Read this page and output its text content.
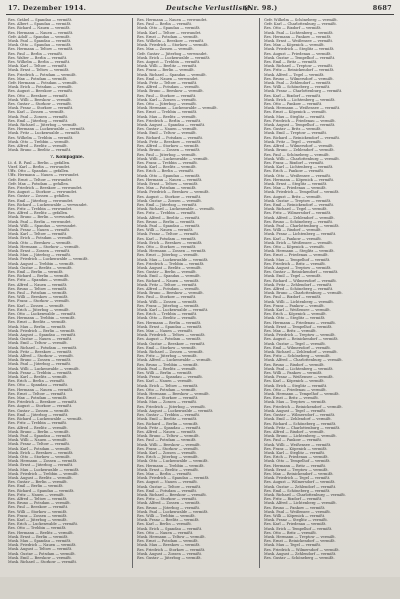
17. Dezember 1914.	Deutsche Verlustliste.
(Nr. 98.)	8687
Res. Gräbel — Spandau — vermißt.
Res. Albert — Spandau — vermißt.
Res. Richard — Nauen — vermißt.
Res. Hermann — Nauen — vermißt.
Gefr. Adolf — Spandau — vermißt.
Musk. Paul — Spandau — vermißt.
Musk. Otto — Spandau — vermißt.
Res. Hermann — Teltow — vermißt.
Res. Paul — Berlin — vermißt.
Res. Walter — Berlin — vermißt.
Res. Wilhelm — Berlin — vermißt.
Musk. Karl — Teltow — vermißt.
Musk. Ernst — Teltow — vermißt.
Res. Friedrich — Potsdam — vermißt.
Res. Max — Potsdam — vermißt.
Gefr. Hermann — Potsdam — vermißt.
Musk. Erich — Potsdam — vermißt.
Res. August — Beeskow — vermißt.
Res. Otto — Beeskow — vermißt.
Musk. Willi — Beeskow — vermißt.
Res. Gustav — Storkow — vermißt.
Musk. Franz — Storkow — vermißt.
Res. Karl — Zossen — vermißt.
Musk. Paul — Zossen — vermißt.
Res. Emil — Jüterbog — vermißt.
Musk. Richard — Jüterbog — vermißt.
Res. Hermann — Luckenwalde — vermißt.
Musk. Fritz — Luckenwalde — vermißt.
Res. Wilhelm — Trebbin — vermißt.
Musk. Otto — Trebbin — vermißt.
Res. Alfred — Beelitz — vermißt.
Musk. Bruno — Beelitz — vermißt.
7. Kompagnie.
Lt. d. R. Paul — Berlin — gefallen.
Vizef. Karl — Berlin — verwundet.
Uffz. Otto — Spandau — gefallen.
Uffz. Hermann — Nauen — verwundet.
Gefr. Ernst — Teltow — verwundet.
Gefr. Max — Potsdam — gefallen.
Res. Friedrich — Beeskow — verwundet.
Res. August — Storkow — verwundet.
Res. Gustav — Zossen — gefallen.
Res. Emil — Jüterbog — verwundet.
Res. Richard — Luckenwalde — verwundet.
Res. Fritz — Trebbin — verwundet.
Res. Alfred — Beelitz — gefallen.
Musk. Bruno — Berlin — verwundet.
Musk. Paul — Berlin — verwundet.
Musk. Willi — Spandau — verwundet.
Musk. Franz — Nauen — vermißt.
Musk. Karl — Teltow — vermißt.
Musk. Erich — Potsdam — vermißt.
Musk. Otto — Beeskow — vermißt.
Musk. Hermann — Storkow — vermißt.
Musk. Ernst — Zossen — vermißt.
Musk. Max — Jüterbog — vermißt.
Musk. Friedrich — Luckenwalde — vermißt.
Musk. August — Trebbin — vermißt.
Musk. Gustav — Beelitz — vermißt.
Res. Emil — Berlin — vermißt.
Res. Richard — Berlin — vermißt.
Res. Fritz — Spandau — vermißt.
Res. Alfred — Nauen — vermißt.
Res. Bruno — Teltow — vermißt.
Res. Paul — Potsdam — vermißt.
Res. Willi — Beeskow — vermißt.
Res. Franz — Storkow — vermißt.
Res. Karl — Zossen — vermißt.
Res. Erich — Jüterbog — vermißt.
Res. Otto — Luckenwalde — vermißt.
Res. Hermann — Trebbin — vermißt.
Res. Ernst — Beelitz — vermißt.
Musk. Max — Berlin — vermißt.
Musk. Friedrich — Berlin — vermißt.
Musk. August — Spandau — vermißt.
Musk. Gustav — Nauen — vermißt.
Musk. Emil — Teltow — vermißt.
Musk. Richard — Potsdam — vermißt.
Musk. Fritz — Beeskow — vermißt.
Musk. Alfred — Storkow — vermißt.
Musk. Bruno — Zossen — vermißt.
Musk. Paul — Jüterbog — vermißt.
Musk. Willi — Luckenwalde — vermißt.
Musk. Franz — Trebbin — vermißt.
Musk. Karl — Beelitz — vermißt.
Res. Erich — Berlin — vermißt.
Res. Otto — Spandau — vermißt.
Res. Hermann — Nauen — vermißt.
Res. Ernst — Teltow — vermißt.
Res. Max — Potsdam — vermißt.
Res. Friedrich — Beeskow — vermißt.
Res. August — Storkow — vermißt.
Res. Gustav — Zossen — vermißt.
Res. Emil — Jüterbog — vermißt.
Res. Richard — Luckenwalde — vermißt.
Res. Fritz — Trebbin — vermißt.
Res. Alfred — Beelitz — vermißt.
Musk. Bruno — Berlin — vermißt.
Musk. Paul — Spandau — vermißt.
Musk. Willi — Nauen — vermißt.
Musk. Franz — Teltow — vermißt.
Musk. Karl — Potsdam — vermißt.
Musk. Erich — Beeskow — vermißt.
Musk. Otto — Storkow — vermißt.
Musk. Hermann — Zossen — vermißt.
Musk. Ernst — Jüterbog — vermißt.
Musk. Max — Luckenwalde — vermißt.
Musk. Friedrich — Trebbin — vermißt.
Musk. August — Beelitz — vermißt.
Res. Gustav — Berlin — vermißt.
Res. Emil — Berlin — vermißt.
Res. Richard — Spandau — vermißt.
Res. Fritz — Nauen — vermißt.
Res. Alfred — Teltow — vermißt.
Res. Bruno — Potsdam — vermißt.
Res. Paul — Beeskow — vermißt.
Res. Willi — Storkow — vermißt.
Res. Franz — Zossen — vermißt.
Res. Karl — Jüterbog — vermißt.
Res. Erich — Luckenwalde — vermißt.
Res. Otto — Trebbin — vermißt.
Res. Hermann — Beelitz — vermißt.
Musk. Ernst — Berlin — vermißt.
Musk. Max — Spandau — vermißt.
Musk. Friedrich — Nauen — vermißt.
Musk. August — Teltow — vermißt.
Musk. Gustav — Potsdam — vermißt.
Musk. Emil — Beeskow — vermißt.
Musk. Richard — Storkow — vermißt.
Res. Hermann — Nauen — verwundet.
Res. Paul — Berlin — vermißt.
Musk. Otto — Spandau — vermißt.
Musk. Karl — Teltow — verwundet.
Res. Ernst — Potsdam — vermißt.
Res. Wilhelm — Beeskow — vermißt.
Musk. Friedrich — Storkow — vermißt.
Res. Max — Zossen — vermißt.
Gefr. Gustav — Jüterbog — verwundet.
Musk. Erich — Luckenwalde — vermißt.
Res. August — Trebbin — vermißt.
Musk. Willi — Beelitz — vermißt.
Res. Franz — Berlin — vermißt.
Musk. Richard — Spandau — vermißt.
Res. Emil — Nauen — verwundet.
Musk. Fritz — Teltow — vermißt.
Res. Alfred — Potsdam — vermißt.
Musk. Bruno — Beeskow — vermißt.
Res. Paul — Storkow — vermißt.
Musk. Karl — Zossen — vermißt.
Res. Otto — Jüterbog — vermißt.
Musk. Hermann — Luckenwalde — vermißt.
Res. Ernst — Trebbin — vermißt.
Musk. Max — Beelitz — vermißt.
Res. Friedrich — Berlin — vermißt.
Musk. August — Spandau — vermißt.
Res. Gustav — Nauen — vermißt.
Musk. Emil — Teltow — vermißt.
Res. Richard — Potsdam — vermißt.
Musk. Fritz — Beeskow — vermißt.
Res. Alfred — Storkow — vermißt.
Musk. Bruno — Zossen — vermißt.
Res. Paul — Jüterbog — vermißt.
Musk. Willi — Luckenwalde — vermißt.
Res. Franz — Trebbin — vermißt.
Musk. Karl — Beelitz — vermißt.
Res. Erich — Berlin — vermißt.
Musk. Otto — Spandau — vermißt.
Res. Hermann — Nauen — vermißt.
Musk. Ernst — Teltow — vermißt.
Res. Max — Potsdam — vermißt.
Musk. Friedrich — Beeskow — vermißt.
Res. August — Storkow — vermißt.
Musk. Gustav — Zossen — vermißt.
Res. Emil — Jüterbog — vermißt.
Musk. Richard — Luckenwalde — vermißt.
Res. Fritz — Trebbin — vermißt.
Musk. Alfred — Beelitz — vermißt.
Res. Bruno — Berlin — vermißt.
Musk. Paul — Spandau — vermißt.
Res. Willi — Nauen — vermißt.
Musk. Franz — Teltow — vermißt.
Res. Karl — Potsdam — vermißt.
Musk. Erich — Beeskow — vermißt.
Res. Otto — Storkow — vermißt.
Musk. Hermann — Zossen — vermißt.
Res. Ernst — Jüterbog — vermißt.
Musk. Max — Luckenwalde — vermißt.
Res. Friedrich — Trebbin — vermißt.
Musk. August — Beelitz — vermißt.
Res. Gustav — Berlin — vermißt.
Musk. Emil — Spandau — vermißt.
Res. Richard — Nauen — vermißt.
Musk. Fritz — Teltow — vermißt.
Res. Alfred — Potsdam — vermißt.
Musk. Bruno — Beeskow — vermißt.
Res. Paul — Storkow — vermißt.
Musk. Willi — Zossen — vermißt.
Res. Franz — Jüterbog — vermißt.
Musk. Karl — Luckenwalde — vermißt.
Res. Erich — Trebbin — vermißt.
Musk. Otto — Beelitz — vermißt.
Res. Hermann — Berlin — vermißt.
Musk. Ernst — Spandau — vermißt.
Res. Max — Nauen — vermißt.
Musk. Friedrich — Teltow — vermißt.
Res. August — Potsdam — vermißt.
Musk. Gustav — Beeskow — vermißt.
Res. Emil — Storkow — vermißt.
Musk. Richard — Zossen — vermißt.
Res. Fritz — Jüterbog — vermißt.
Musk. Alfred — Luckenwalde — vermißt.
Res. Bruno — Trebbin — vermißt.
Musk. Paul — Beelitz — vermißt.
Res. Willi — Berlin — vermißt.
Musk. Franz — Spandau — vermißt.
Res. Karl — Nauen — vermißt.
Musk. Erich — Teltow — vermißt.
Res. Otto — Potsdam — vermißt.
Musk. Hermann — Beeskow — vermißt.
Res. Ernst — Storkow — vermißt.
Musk. Max — Zossen — vermißt.
Res. Friedrich — Jüterbog — vermißt.
Musk. August — Luckenwalde — vermißt.
Res. Gustav — Trebbin — vermißt.
Musk. Emil — Beelitz — vermißt.
Res. Richard — Berlin — vermißt.
Musk. Fritz — Spandau — vermißt.
Res. Alfred — Nauen — vermißt.
Musk. Bruno — Teltow — vermißt.
Res. Paul — Potsdam — vermißt.
Musk. Willi — Beeskow — vermißt.
Res. Franz — Storkow — vermißt.
Musk. Karl — Zossen — vermißt.
Res. Erich — Jüterbog — vermißt.
Musk. Otto — Luckenwalde — vermißt.
Res. Hermann — Trebbin — vermißt.
Musk. Ernst — Beelitz — vermißt.
Res. Max — Berlin — vermißt.
Musk. Friedrich — Spandau — vermißt.
Res. August — Nauen — vermißt.
Musk. Gustav — Teltow — vermißt.
Res. Emil — Potsdam — vermißt.
Musk. Richard — Beeskow — vermißt.
Res. Fritz — Storkow — vermißt.
Musk. Alfred — Zossen — vermißt.
Res. Bruno — Jüterbog — vermißt.
Musk. Paul — Luckenwalde — vermißt.
Res. Willi — Trebbin — vermißt.
Musk. Franz — Beelitz — vermißt.
Res. Karl — Berlin — vermißt.
Musk. Erich — Spandau — vermißt.
Res. Otto — Nauen — vermißt.
Musk. Hermann — Teltow — vermißt.
Res. Ernst — Potsdam — vermißt.
Musk. Max — Beeskow — vermißt.
Res. Friedrich — Storkow — vermißt.
Musk. August — Zossen — vermißt.
Res. Gustav — Jüterbog — vermißt.
Gefr. Wilhelm — Schöneberg — vermißt.
Gefr. Karl — Charlottenburg — vermißt.
Res. Otto — Rixdorf — vermißt.
Musk. Paul — Lichtenberg — vermißt.
Res. Hermann — Pankow — vermißt.
Musk. Ernst — Weißensee — vermißt.
Res. Max — Köpenick — vermißt.
Musk. Friedrich — Steglitz — vermißt.
Res. August — Friedenau — vermißt.
Musk. Gustav — Tempelhof — vermißt.
Res. Emil — Britz — vermißt.
Musk. Richard — Treptow — vermißt.
Res. Fritz — Reinickendorf — vermißt.
Musk. Alfred — Tegel — vermißt.
Res. Bruno — Wilmersdorf — vermißt.
Musk. Paul — Zehlendorf — vermißt.
Res. Willi — Schöneberg — vermißt.
Musk. Franz — Charlottenburg — vermißt.
Res. Karl — Rixdorf — vermißt.
Musk. Erich — Lichtenberg — vermißt.
Res. Otto — Pankow — vermißt.
Musk. Hermann — Weißensee — vermißt.
Res. Ernst — Köpenick — vermißt.
Musk. Max — Steglitz — vermißt.
Res. Friedrich — Friedenau — vermißt.
Musk. August — Tempelhof — vermißt.
Res. Gustav — Britz — vermißt.
Musk. Emil — Treptow — vermißt.
Res. Richard — Reinickendorf — vermißt.
Musk. Fritz — Tegel — vermißt.
Res. Alfred — Wilmersdorf — vermißt.
Musk. Bruno — Zehlendorf — vermißt.
Res. Paul — Schöneberg — vermißt.
Musk. Willi — Charlottenburg — vermißt.
Res. Franz — Rixdorf — vermißt.
Musk. Karl — Lichtenberg — vermißt.
Res. Erich — Pankow — vermißt.
Musk. Otto — Weißensee — vermißt.
Res. Hermann — Köpenick — vermißt.
Musk. Ernst — Steglitz — vermißt.
Res. Max — Friedenau — vermißt.
Musk. Friedrich — Tempelhof — vermißt.
Res. August — Britz — vermißt.
Musk. Gustav — Treptow — vermißt.
Res. Emil — Reinickendorf — vermißt.
Musk. Richard — Tegel — vermißt.
Res. Fritz — Wilmersdorf — vermißt.
Musk. Alfred — Zehlendorf — vermißt.
Res. Bruno — Schöneberg — vermißt.
Musk. Paul — Charlottenburg — vermißt.
Res. Willi — Rixdorf — vermißt.
Musk. Franz — Lichtenberg — vermißt.
Res. Karl — Pankow — vermißt.
Musk. Erich — Weißensee — vermißt.
Res. Otto — Köpenick — vermißt.
Musk. Hermann — Steglitz — vermißt.
Res. Ernst — Friedenau — vermißt.
Musk. Max — Tempelhof — vermißt.
Res. Friedrich — Britz — vermißt.
Musk. August — Treptow — vermißt.
Res. Gustav — Reinickendorf — vermißt.
Musk. Emil — Tegel — vermißt.
Res. Richard — Wilmersdorf — vermißt.
Musk. Fritz — Zehlendorf — vermißt.
Res. Alfred — Schöneberg — vermißt.
Musk. Bruno — Charlottenburg — vermißt.
Res. Paul — Rixdorf — vermißt.
Musk. Willi — Lichtenberg — vermißt.
Res. Franz — Pankow — vermißt.
Musk. Karl — Weißensee — vermißt.
Res. Erich — Köpenick — vermißt.
Musk. Otto — Steglitz — vermißt.
Res. Hermann — Friedenau — vermißt.
Musk. Ernst — Tempelhof — vermißt.
Res. Max — Britz — vermißt.
Musk. Friedrich — Treptow — vermißt.
Res. August — Reinickendorf — vermißt.
Musk. Gustav — Tegel — vermißt.
Res. Emil — Wilmersdorf — vermißt.
Musk. Richard — Zehlendorf — vermißt.
Res. Fritz — Schöneberg — vermißt.
Musk. Alfred — Charlottenburg — vermißt.
Res. Bruno — Rixdorf — vermißt.
Musk. Paul — Lichtenberg — vermißt.
Res. Willi — Pankow — vermißt.
Musk. Franz — Weißensee — vermißt.
Res. Karl — Köpenick — vermißt.
Musk. Erich — Steglitz — vermißt.
Res. Otto — Friedenau — vermißt.
Musk. Hermann — Tempelhof — vermißt.
Res. Ernst — Britz — vermißt.
Musk. Max — Treptow — vermißt.
Res. Friedrich — Reinickendorf — vermißt.
Musk. August — Tegel — vermißt.
Res. Gustav — Wilmersdorf — vermißt.
Musk. Emil — Zehlendorf — vermißt.
Res. Richard — Schöneberg — vermißt.
Musk. Fritz — Charlottenburg — vermißt.
Res. Alfred — Rixdorf — vermißt.
Musk. Bruno — Lichtenberg — vermißt.
Res. Paul — Pankow — vermißt.
Musk. Willi — Weißensee — vermißt.
Res. Franz — Köpenick — vermißt.
Musk. Karl — Steglitz — vermißt.
Res. Erich — Friedenau — vermißt.
Musk. Otto — Tempelhof — vermißt.
Res. Hermann — Britz — vermißt.
Musk. Ernst — Treptow — vermißt.
Res. Max — Reinickendorf — vermißt.
Musk. Friedrich — Tegel — vermißt.
Res. August — Wilmersdorf — vermißt.
Musk. Gustav — Zehlendorf — vermißt.
Res. Emil — Schöneberg — vermißt.
Musk. Richard — Charlottenburg — vermißt.
Res. Fritz — Rixdorf — vermißt.
Musk. Alfred — Lichtenberg — vermißt.
Res. Bruno — Pankow — vermißt.
Musk. Paul — Weißensee — vermißt.
Res. Willi — Köpenick — vermißt.
Musk. Franz — Steglitz — vermißt.
Res. Karl — Friedenau — vermißt.
Musk. Erich — Tempelhof — vermißt.
Res. Otto — Britz — vermißt.
Musk. Hermann — Treptow — vermißt.
Res. Ernst — Reinickendorf — vermißt.
Musk. Max — Tegel — vermißt.
Res. Friedrich — Wilmersdorf — vermißt.
Musk. August — Zehlendorf — vermißt.
Res. Gustav — Schöneberg — vermißt.
